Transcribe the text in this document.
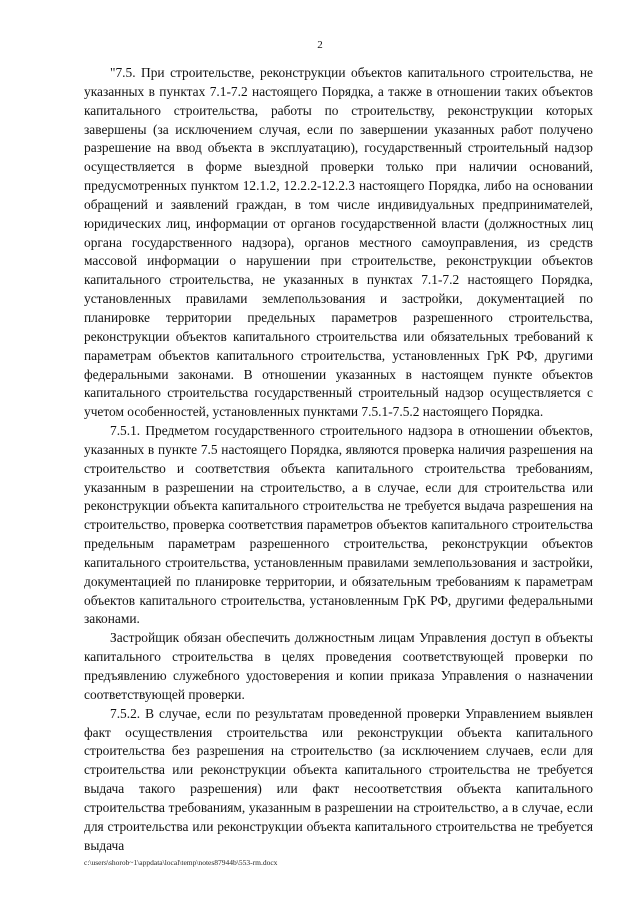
2

"7.5. При строительстве, реконструкции объектов капитального строительства, не указанных в пунктах 7.1-7.2 настоящего Порядка, а также в отношении таких объектов капитального строительства, работы по строительству, реконструкции которых завершены (за исключением случая, если по завершении указанных работ получено разрешение на ввод объекта в эксплуатацию), государственный строительный надзор осуществляется в форме выездной проверки только при наличии оснований, предусмотренных пунктом 12.1.2, 12.2.2-12.2.3 настоящего Порядка, либо на основании обращений и заявлений граждан, в том числе индивидуальных предпринимателей, юридических лиц, информации от органов государственной власти (должностных лиц органа государственного надзора), органов местного самоуправления, из средств массовой информации о нарушении при строительстве, реконструкции объектов капитального строительства, не указанных в пунктах 7.1-7.2 настоящего Порядка, установленных правилами землепользования и застройки, документацией по планировке территории предельных параметров разрешенного строительства, реконструкции объектов капитального строительства или обязательных требований к параметрам объектов капитального строительства, установленных ГрК РФ, другими федеральными законами. В отношении указанных в настоящем пункте объектов капитального строительства государственный строительный надзор осуществляется с учетом особенностей, установленных пунктами 7.5.1-7.5.2 настоящего Порядка.

7.5.1. Предметом государственного строительного надзора в отношении объектов, указанных в пункте 7.5 настоящего Порядка, являются проверка наличия разрешения на строительство и соответствия объекта капитального строительства требованиям, указанным в разрешении на строительство, а в случае, если для строительства или реконструкции объекта капитального строительства не требуется выдача разрешения на строительство, проверка соответствия параметров объектов капитального строительства предельным параметрам разрешенного строительства, реконструкции объектов капитального строительства, установленным правилами землепользования и застройки, документацией по планировке территории, и обязательным требованиям к параметрам объектов капитального строительства, установленным ГрК РФ, другими федеральными законами.

Застройщик обязан обеспечить должностным лицам Управления доступ в объекты капитального строительства в целях проведения соответствующей проверки по предъявлению служебного удостоверения и копии приказа Управления о назначении соответствующей проверки.

7.5.2. В случае, если по результатам проведенной проверки Управлением выявлен факт осуществления строительства или реконструкции объекта капитального строительства без разрешения на строительство (за исключением случаев, если для строительства или реконструкции объекта капитального строительства не требуется выдача такого разрешения) или факт несоответствия объекта капитального строительства требованиям, указанным в разрешении на строительство, а в случае, если для строительства или реконструкции объекта капитального строительства не требуется выдача

c:\users\shorob~1\appdata\local\temp\notes87944b\553-rm.docx
